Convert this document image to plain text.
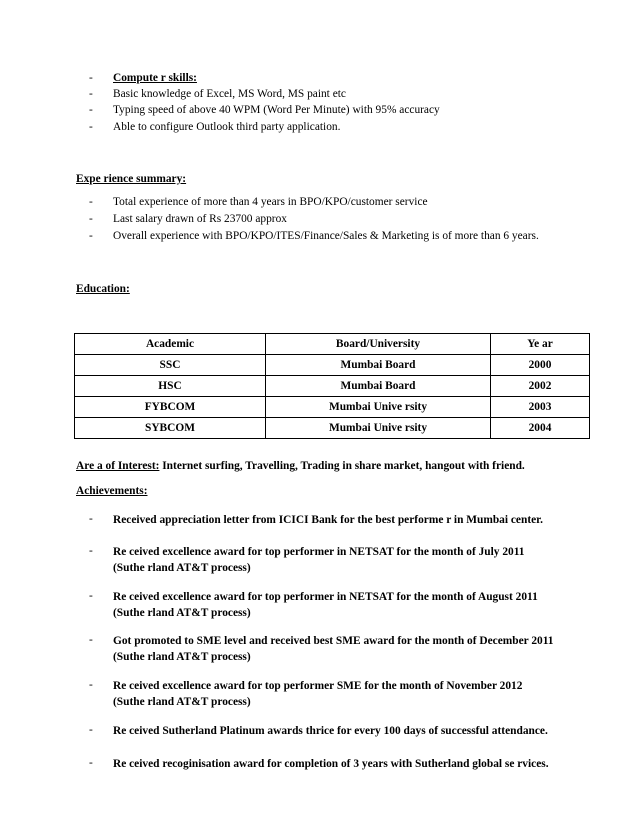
- Compute r skills:
- Basic knowledge of Excel, MS Word, MS paint etc
- Typing speed of above 40 WPM (Word Per Minute) with 95% accuracy
- Able to configure Outlook third party application.
Expe rience summary:
- Total experience of more than 4 years in BPO/KPO/customer service
- Last salary drawn of Rs 23700 approx
- Overall experience with BPO/KPO/ITES/Finance/Sales & Marketing is of more than 6 years.
Education:
Academic	Board/University	Ye ar
SSC	Mumbai Board	2000
HSC	Mumbai Board	2002
FYBCOM	Mumbai Unive rsity	2003
SYBCOM	Mumbai Unive rsity	2004
Are a of Interest: Internet surfing, Travelling, Trading in share market, hangout with friend.
Achievements:
- Received appreciation letter from ICICI Bank for the best performe r in Mumbai center.
- Re ceived excellence award for top performer in NETSAT for the month of July 2011
(Suthe rland AT&T process)
- Re ceived excellence award for top performer in NETSAT for the month of August 2011
(Suthe rland AT&T process)
- Got promoted to SME level and received best SME award for the month of December 2011
(Suthe rland AT&T process)
- Re ceived excellence award for top performer SME for the month of November 2012
(Suthe rland AT&T process)
- Re ceived Sutherland Platinum awards thrice for every 100 days of successful attendance.
- Re ceived recoginisation award for completion of 3 years with Sutherland global se rvices.
